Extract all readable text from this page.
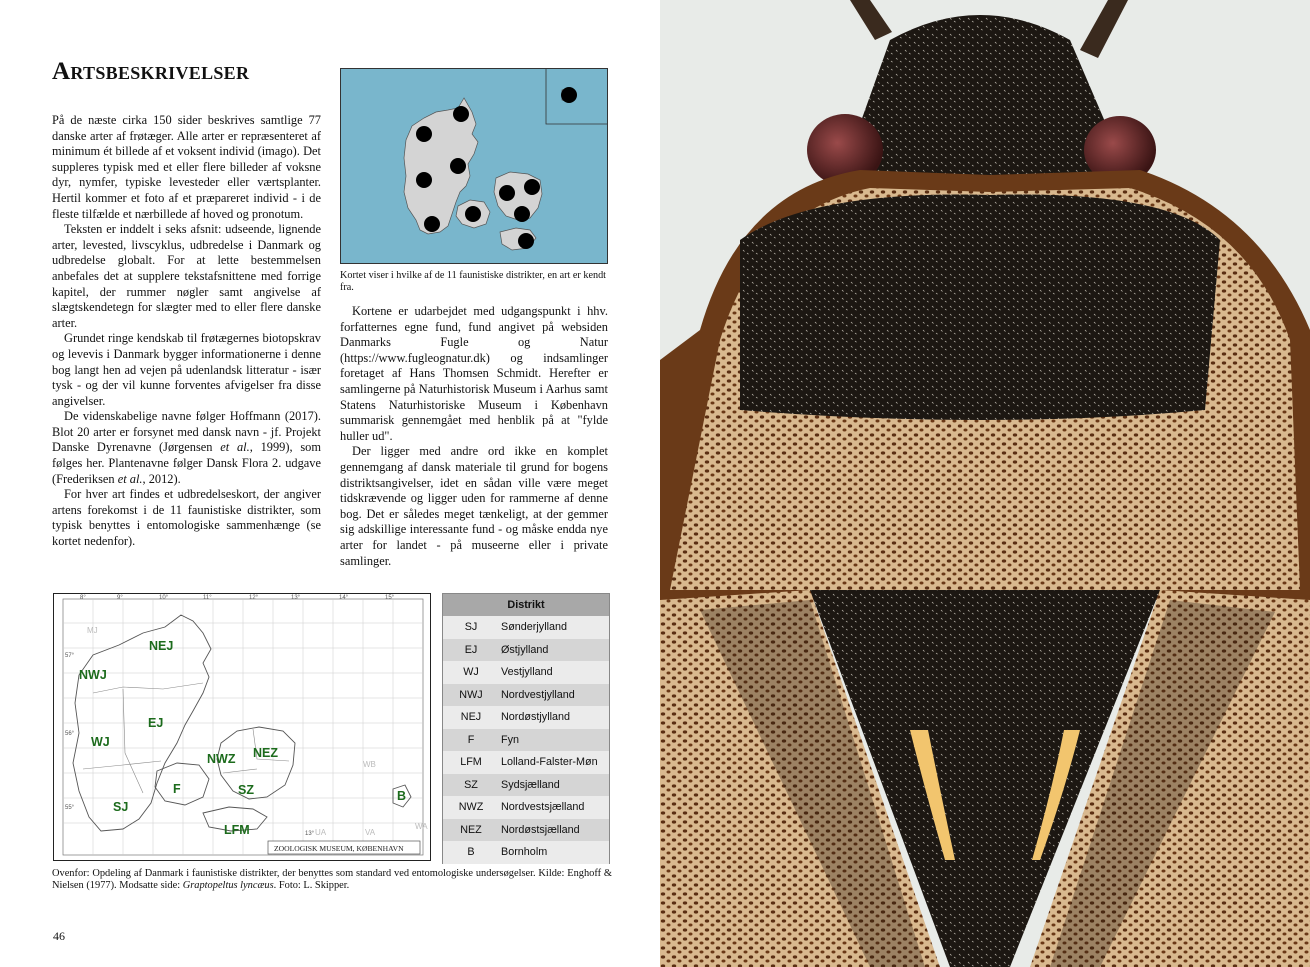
Artsbeskrivelser

På de næste cirka 150 sider beskrives samtlige 77 danske arter af frøtæger. Alle arter er repræsenteret af minimum ét billede af et voksent individ (imago). Det suppleres typisk med et eller flere billeder af voksne dyr, nymfer, typiske levesteder eller værtsplanter. Hertil kommer et foto af et præpareret individ - i de fleste tilfælde et nærbillede af hoved og pronotum.

Teksten er inddelt i seks afsnit: udseende, lignende arter, levested, livscyklus, udbredelse i Danmark og udbredelse globalt. For at lette bestemmelsen anbefales det at supplere tekstafsnittene med forrige kapitel, der rummer nøgler samt angivelse af slægtskendetegn for slægter med to eller flere danske arter.

Grundet ringe kendskab til frøtægernes biotopskrav og levevis i Danmark bygger informationerne i denne bog langt hen ad vejen på udenlandsk litteratur - især tysk - og der vil kunne forventes afvigelser fra disse angivelser.

De videnskabelige navne følger Hoffmann (2017). Blot 20 arter er forsynet med dansk navn - jf. Projekt Danske Dyrenavne (Jørgensen et al., 1999), som følges her. Plantenavne følger Dansk Flora 2. udgave (Frederiksen et al., 2012).

For hver art findes et udbredelseskort, der angiver artens forekomst i de 11 faunistiske distrikter, som typisk benyttes i entomologiske sammenhænge (se kortet nedenfor).

Kortet viser i hvilke af de 11 faunistiske distrikter, en art er kendt fra.

Kortene er udarbejdet med udgangspunkt i hhv. forfatternes egne fund, fund angivet på websiden Danmarks Fugle og Natur (https://www.fugleognatur.dk) og indsamlinger foretaget af Hans Thomsen Schmidt. Herefter er samlingerne på Naturhistorisk Museum i Aarhus samt Statens Naturhistoriske Museum i København summarisk gennemgået med henblik på at "fylde huller ud".

Der ligger med andre ord ikke en komplet gennemgang af dansk materiale til grund for bogens distriktsangivelser, idet en sådan ville være meget tidskrævende og ligger uden for rammerne af denne bog. Det er således meget tænkeligt, at der gemmer sig adskillige interessante fund - og måske endda nye arter for landet - på museerne eller i private samlinger.

8°	9°	10°	11°	12°	13°	14°	15°
57°
56°
55°
13°
MJ
WB
UA
WA
VA
NEJ
NWJ
EJ
WJ
NWZ NEZ
F	SZ
SJ
LFM
B
ZOOLOGISK MUSEUM, KØBENHAVN
Distrikt
SJ	Sønderjylland
EJ	Østjylland
WJ	Vestjylland
NWJ	Nordvestjylland
NEJ	Nordøstjylland
F	Fyn
LFM	Lolland-Falster-Møn
SZ	Sydsjælland
NWZ	Nordvestsjælland
NEZ	Nordøstsjælland
B	Bornholm
Ovenfor: Opdeling af Danmark i faunistiske distrikter, der benyttes som standard ved entomologiske undersøgelser. Kilde: Enghoff & Nielsen (1977). Modsatte side: Graptopeltus lyncæus. Foto: L. Skipper.
46
